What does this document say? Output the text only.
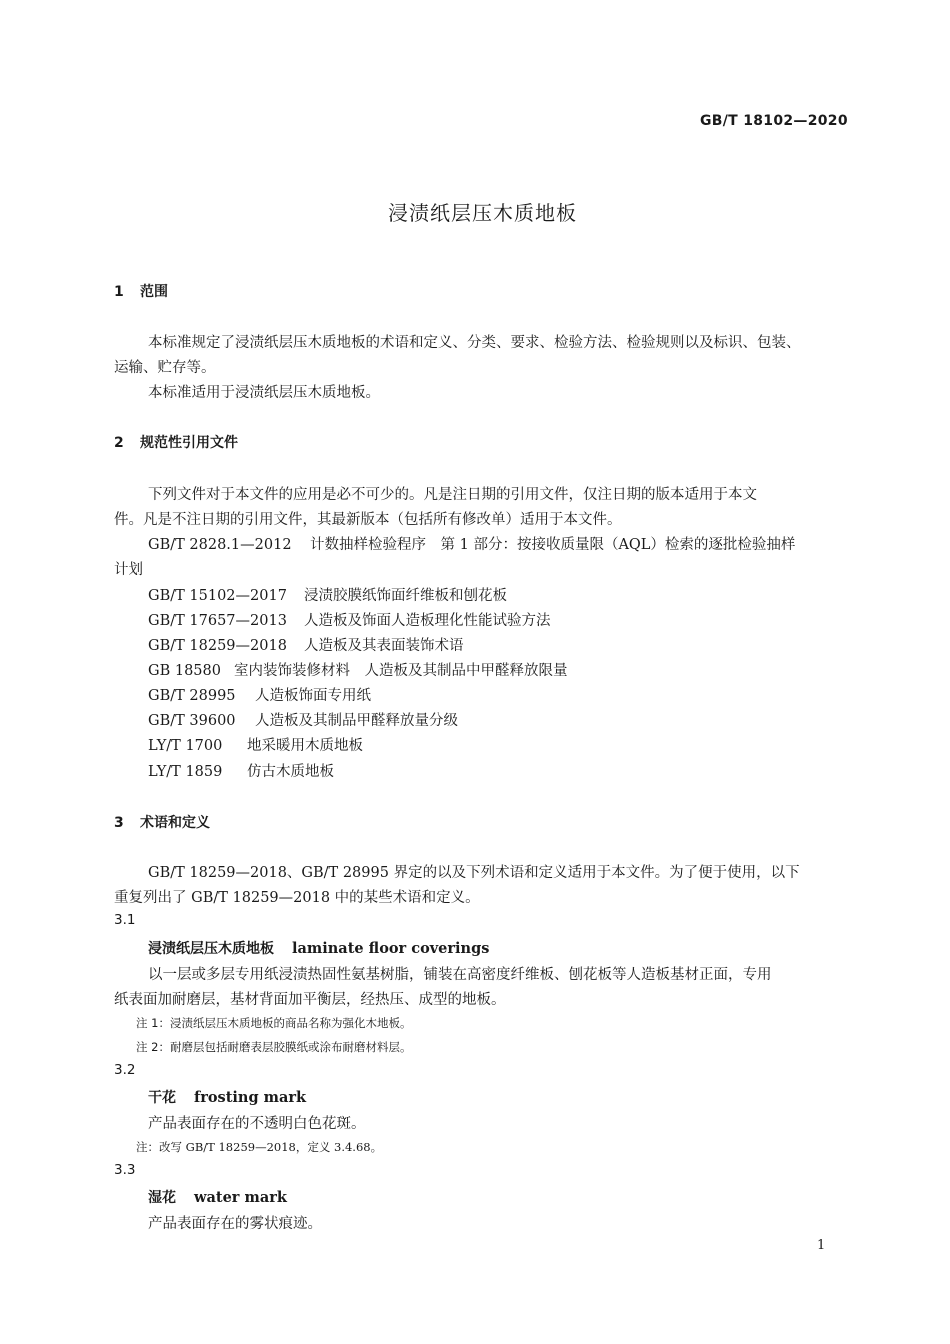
GB/T 18102—2020
浸渍纸层压木质地板
1 范围
本标准规定了浸渍纸层压木质地板的术语和定义、分类、要求、检验方法、检验规则以及标识、包装、
运输、贮存等。
本标准适用于浸渍纸层压木质地板。
2 规范性引用文件
下列文件对于本文件的应用是必不可少的。凡是注日期的引用文件，仅注日期的版本适用于本文
件。凡是不注日期的引用文件，其最新版本（包括所有修改单）适用于本文件。
GB/T 2828.1—2012 计数抽样检验程序　第 1 部分：按接收质量限（AQL）检索的逐批检验抽样
计划
GB/T 15102—2017 浸渍胶膜纸饰面纤维板和刨花板
GB/T 17657—2013 人造板及饰面人造板理化性能试验方法
GB/T 18259—2018 人造板及其表面装饰术语
GB 18580 室内装饰装修材料　人造板及其制品中甲醛释放限量
GB/T 28995 人造板饰面专用纸
GB/T 39600 人造板及其制品甲醛释放量分级
LY/T 1700 地采暖用木质地板
LY/T 1859 仿古木质地板
3 术语和定义
GB/T 18259—2018、GB/T 28995 界定的以及下列术语和定义适用于本文件。为了便于使用，以下
重复列出了 GB/T 18259—2018 中的某些术语和定义。
3.1
浸渍纸层压木质地板 laminate floor coverings
以一层或多层专用纸浸渍热固性氨基树脂，铺装在高密度纤维板、刨花板等人造板基材正面，专用
纸表面加耐磨层，基材背面加平衡层，经热压、成型的地板。
注 1：浸渍纸层压木质地板的商品名称为强化木地板。
注 2：耐磨层包括耐磨表层胶膜纸或涂布耐磨材料层。
3.2
干花 frosting mark
产品表面存在的不透明白色花斑。
注：改写 GB/T 18259—2018，定义 3.4.68。
3.3
湿花 water mark
产品表面存在的雾状痕迹。
1
